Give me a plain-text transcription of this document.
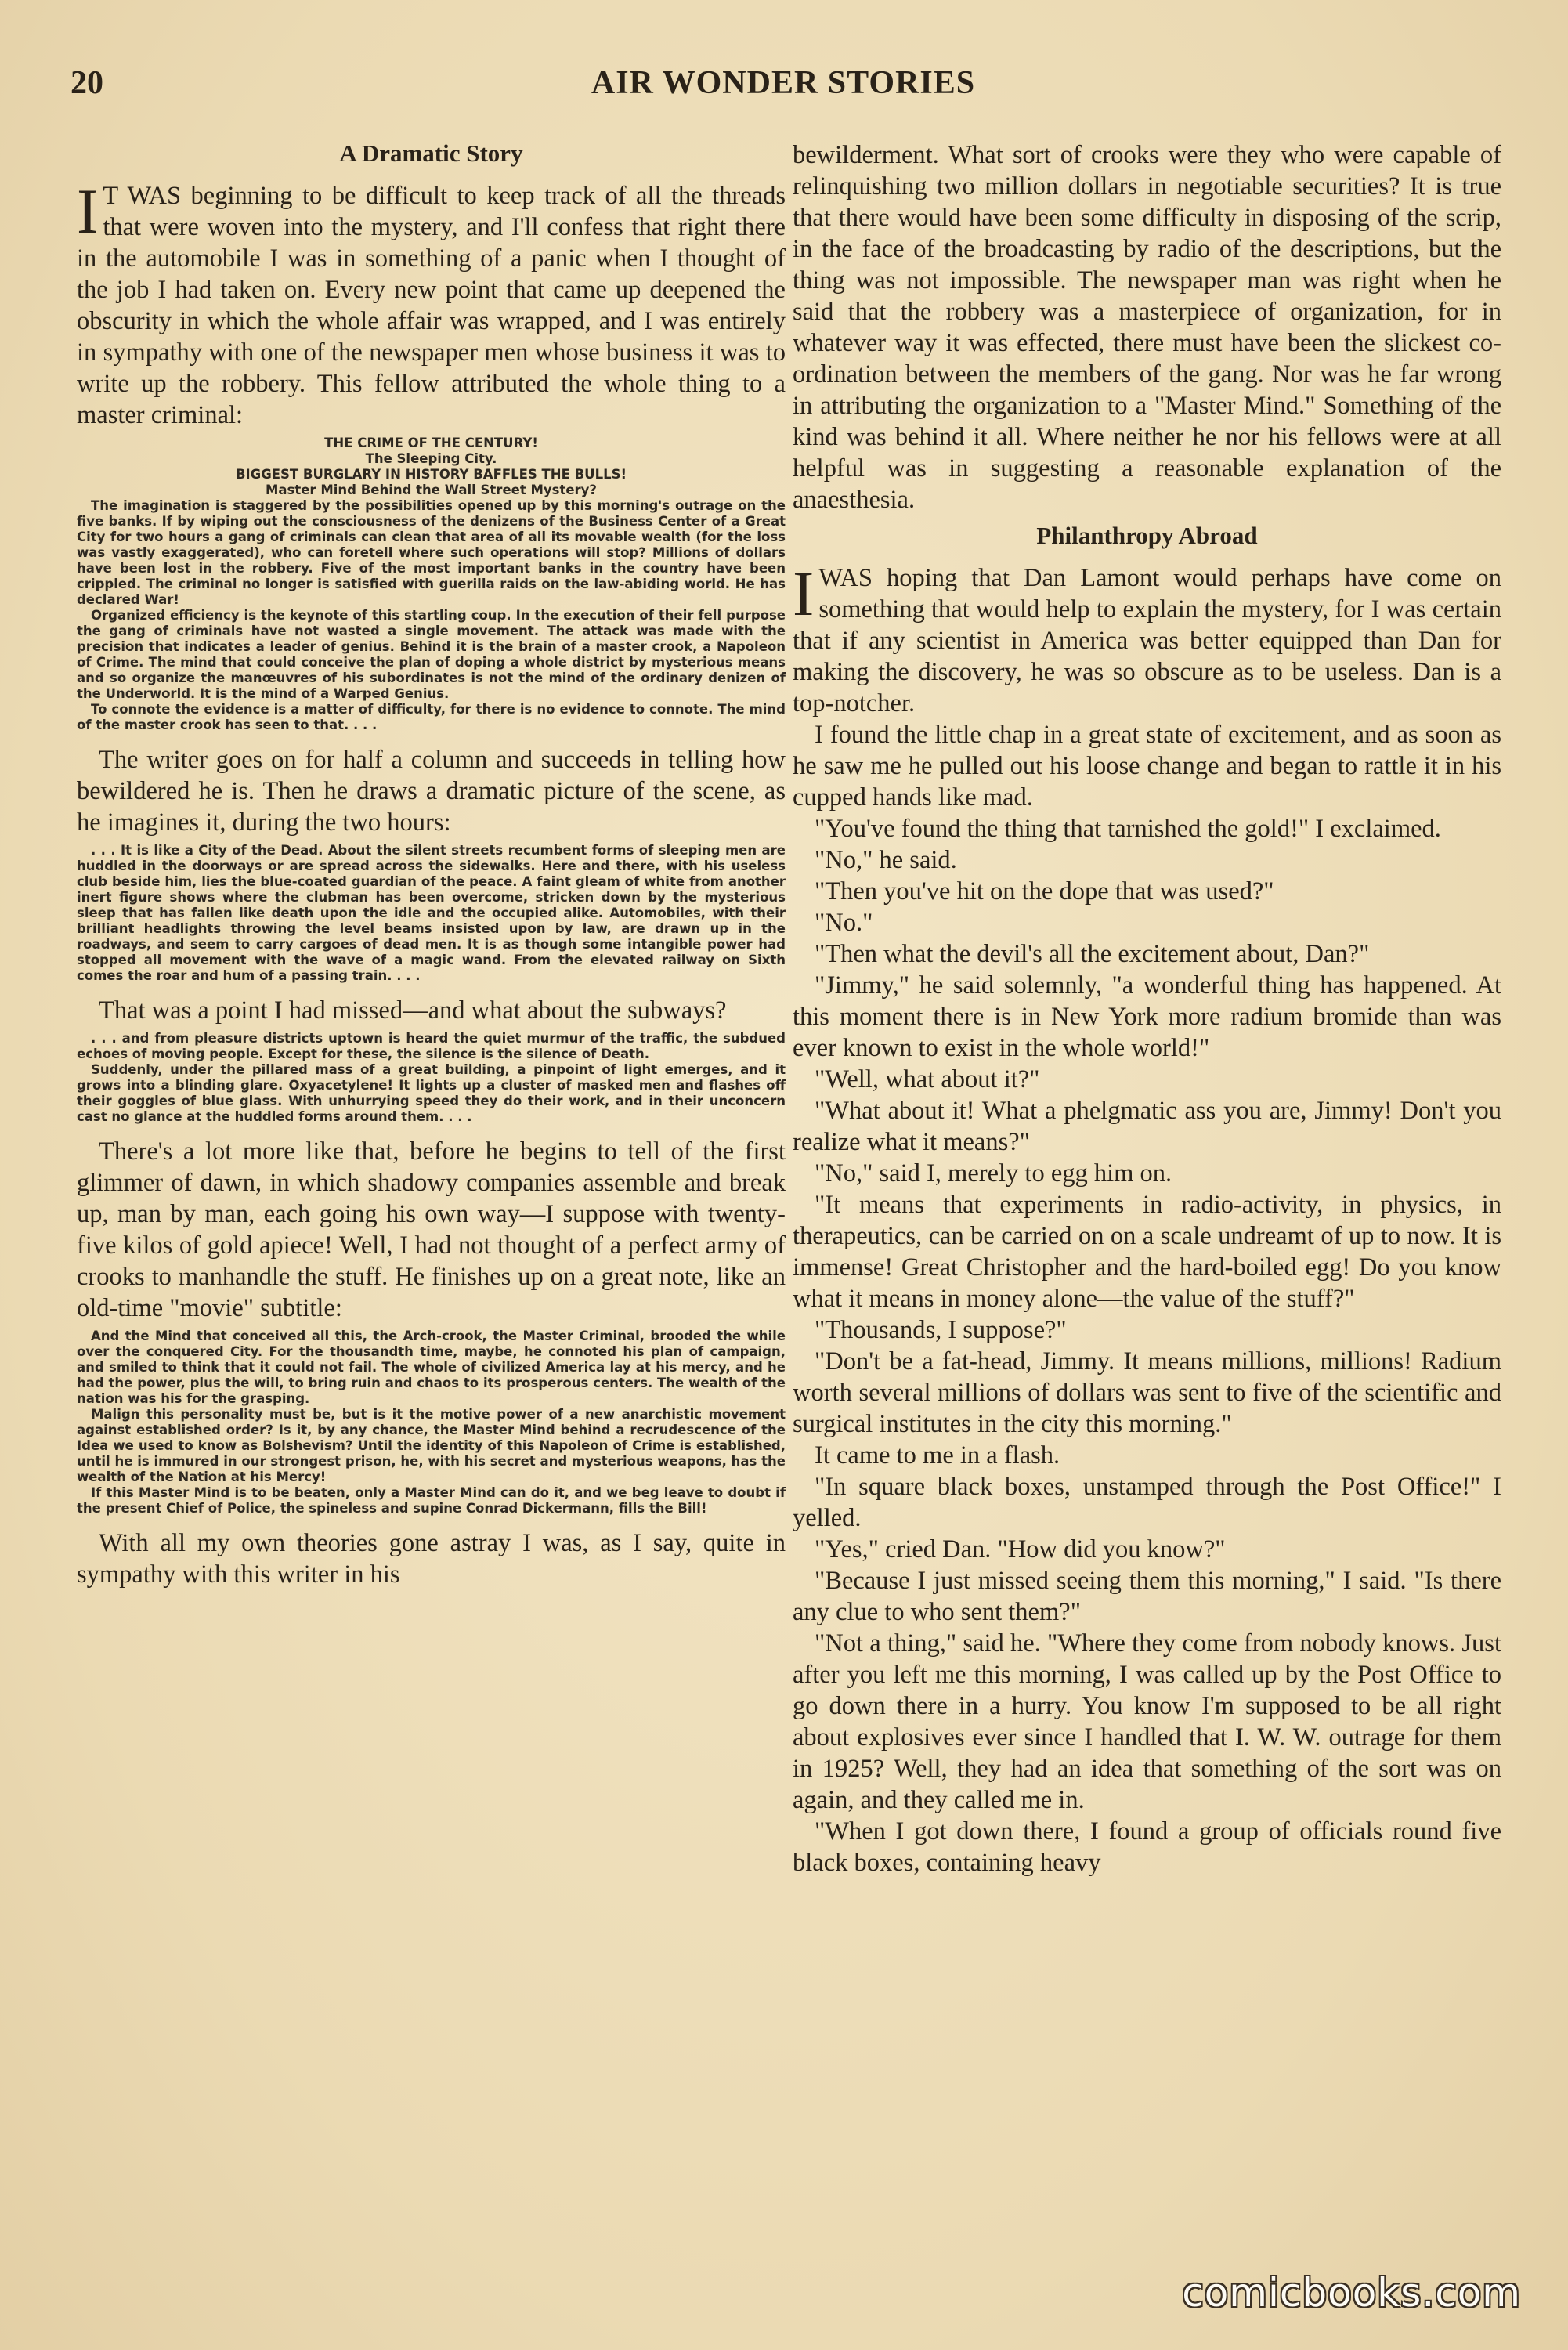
20	AIR WONDER STORIES
A Dramatic Story

IT WAS beginning to be difficult to keep track of all the threads that were woven into the mystery, and I'll confess that right there in the automobile I was in something of a panic when I thought of the job I had taken on. Every new point that came up deepened the obscurity in which the whole affair was wrapped, and I was entirely in sympathy with one of the newspaper men whose business it was to write up the robbery. This fellow attributed the whole thing to a master criminal:

THE CRIME OF THE CENTURY!

The Sleeping City.

BIGGEST BURGLARY IN HISTORY BAFFLES THE BULLS!

Master Mind Behind the Wall Street Mystery?

The imagination is staggered by the possibilities opened up by this morning's outrage on the five banks. If by wiping out the consciousness of the denizens of the Business Center of a Great City for two hours a gang of criminals can clean that area of all its movable wealth (for the loss was vastly exaggerated), who can foretell where such operations will stop? Millions of dollars have been lost in the robbery. Five of the most important banks in the country have been crippled. The criminal no longer is satisfied with guerilla raids on the law-abiding world. He has declared War!

Organized efficiency is the keynote of this startling coup. In the execution of their fell purpose the gang of criminals have not wasted a single movement. The attack was made with the precision that indicates a leader of genius. Behind it is the brain of a master crook, a Napoleon of Crime. The mind that could conceive the plan of doping a whole district by mysterious means and so organize the manœuvres of his subordinates is not the mind of the ordinary denizen of the Underworld. It is the mind of a Warped Genius.

To connote the evidence is a matter of difficulty, for there is no evidence to connote. The mind of the master crook has seen to that. . . .

The writer goes on for half a column and succeeds in telling how bewildered he is. Then he draws a dramatic picture of the scene, as he imagines it, during the two hours:

. . . It is like a City of the Dead. About the silent streets recumbent forms of sleeping men are huddled in the doorways or are spread across the sidewalks. Here and there, with his useless club beside him, lies the blue-coated guardian of the peace. A faint gleam of white from another inert figure shows where the clubman has been overcome, stricken down by the mysterious sleep that has fallen like death upon the idle and the occupied alike. Automobiles, with their brilliant headlights throwing the level beams insisted upon by law, are drawn up in the roadways, and seem to carry cargoes of dead men. It is as though some intangible power had stopped all movement with the wave of a magic wand. From the elevated railway on Sixth comes the roar and hum of a passing train. . . .

That was a point I had missed—and what about the subways?

. . . and from pleasure districts uptown is heard the quiet murmur of the traffic, the subdued echoes of moving people. Except for these, the silence is the silence of Death.

Suddenly, under the pillared mass of a great building, a pinpoint of light emerges, and it grows into a blinding glare. Oxyacetylene! It lights up a cluster of masked men and flashes off their goggles of blue glass. With unhurrying speed they do their work, and in their unconcern cast no glance at the huddled forms around them. . . .

There's a lot more like that, before he begins to tell of the first glimmer of dawn, in which shadowy companies assemble and break up, man by man, each going his own way—I suppose with twenty-five kilos of gold apiece! Well, I had not thought of a perfect army of crooks to manhandle the stuff. He finishes up on a great note, like an old-time "movie" subtitle:

And the Mind that conceived all this, the Arch-crook, the Master Criminal, brooded the while over the conquered City. For the thousandth time, maybe, he connoted his plan of campaign, and smiled to think that it could not fail. The whole of civilized America lay at his mercy, and he had the power, plus the will, to bring ruin and chaos to its prosperous centers. The wealth of the nation was his for the grasping.

Malign this personality must be, but is it the motive power of a new anarchistic movement against established order? Is it, by any chance, the Master Mind behind a recrudescence of the Idea we used to know as Bolshevism? Until the identity of this Napoleon of Crime is established, until he is immured in our strongest prison, he, with his secret and mysterious weapons, has the wealth of the Nation at his Mercy!

If this Master Mind is to be beaten, only a Master Mind can do it, and we beg leave to doubt if the present Chief of Police, the spineless and supine Conrad Dickermann, fills the Bill!

With all my own theories gone astray I was, as I say, quite in sympathy with this writer in his

bewilderment. What sort of crooks were they who were capable of relinquishing two million dollars in negotiable securities? It is true that there would have been some difficulty in disposing of the scrip, in the face of the broadcasting by radio of the descriptions, but the thing was not impossible. The newspaper man was right when he said that the robbery was a masterpiece of organization, for in whatever way it was effected, there must have been the slickest co-ordination between the members of the gang. Nor was he far wrong in attributing the organization to a "Master Mind." Something of the kind was behind it all. Where neither he nor his fellows were at all helpful was in suggesting a reasonable explanation of the anaesthesia.

Philanthropy Abroad

IWAS hoping that Dan Lamont would perhaps have come on something that would help to explain the mystery, for I was certain that if any scientist in America was better equipped than Dan for making the discovery, he was so obscure as to be useless. Dan is a top-notcher.

I found the little chap in a great state of excitement, and as soon as he saw me he pulled out his loose change and began to rattle it in his cupped hands like mad.

"You've found the thing that tarnished the gold!" I exclaimed.

"No," he said.

"Then you've hit on the dope that was used?"

"No."

"Then what the devil's all the excitement about, Dan?"

"Jimmy," he said solemnly, "a wonderful thing has happened. At this moment there is in New York more radium bromide than was ever known to exist in the whole world!"

"Well, what about it?"

"What about it! What a phelgmatic ass you are, Jimmy! Don't you realize what it means?"

"No," said I, merely to egg him on.

"It means that experiments in radio-activity, in physics, in therapeutics, can be carried on on a scale undreamt of up to now. It is immense! Great Christopher and the hard-boiled egg! Do you know what it means in money alone—the value of the stuff?"

"Thousands, I suppose?"

"Don't be a fat-head, Jimmy. It means millions, millions! Radium worth several millions of dollars was sent to five of the scientific and surgical institutes in the city this morning."

It came to me in a flash.

"In square black boxes, unstamped through the Post Office!" I yelled.

"Yes," cried Dan. "How did you know?"

"Because I just missed seeing them this morning," I said. "Is there any clue to who sent them?"

"Not a thing," said he. "Where they come from nobody knows. Just after you left me this morning, I was called up by the Post Office to go down there in a hurry. You know I'm supposed to be all right about explosives ever since I handled that I. W. W. outrage for them in 1925? Well, they had an idea that something of the sort was on again, and they called me in.

"When I got down there, I found a group of officials round five black boxes, containing heavy

comicbooks.com
